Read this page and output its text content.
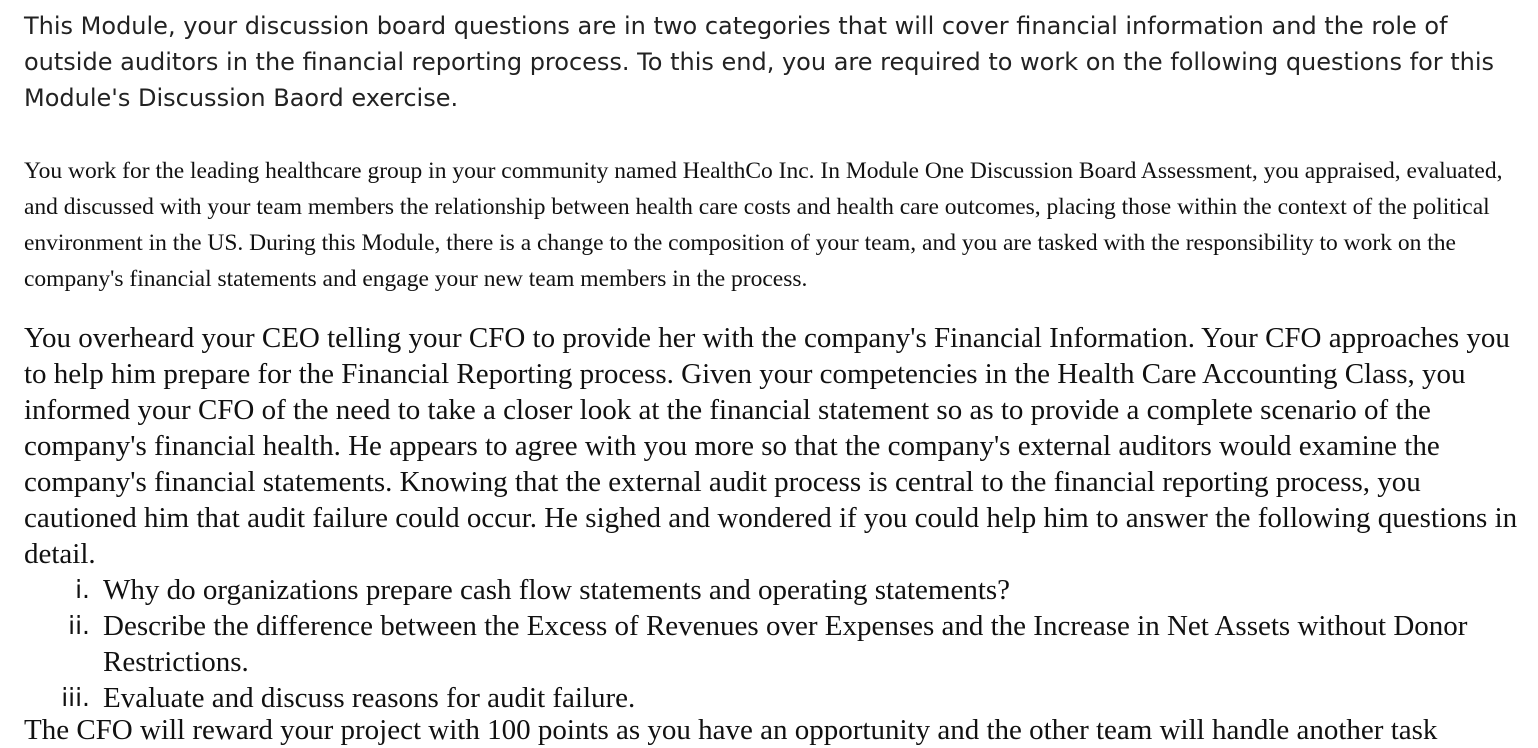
This Module, your discussion board questions are in two categories that will cover financial information and the role of outside auditors in the financial reporting process. To this end, you are required to work on the following questions for this Module's Discussion Baord exercise.

You work for the leading healthcare group in your community named HealthCo Inc. In Module One Discussion Board Assessment, you appraised, evaluated, and discussed with your team members the relationship between health care costs and health care outcomes, placing those within the context of the political environment in the US. During this Module, there is a change to the composition of your team, and you are tasked with the responsibility to work on the company's financial statements and engage your new team members in the process.

You overheard your CEO telling your CFO to provide her with the company's Financial Information. Your CFO approaches you to help him prepare for the Financial Reporting process. Given your competencies in the Health Care Accounting Class, you informed your CFO of the need to take a closer look at the financial statement so as to provide a complete scenario of the company's financial health. He appears to agree with you more so that the company's external auditors would examine the company's financial statements. Knowing that the external audit process is central to the financial reporting process, you cautioned him that audit failure could occur. He sighed and wondered if you could help him to answer the following questions in detail.

i. Why do organizations prepare cash flow statements and operating statements?
ii. Describe the difference between the Excess of Revenues over Expenses and the Increase in Net Assets without Donor Restrictions.
iii. Evaluate and discuss reasons for audit failure.

The CFO will reward your project with 100 points as you have an opportunity and the other team will handle another task
